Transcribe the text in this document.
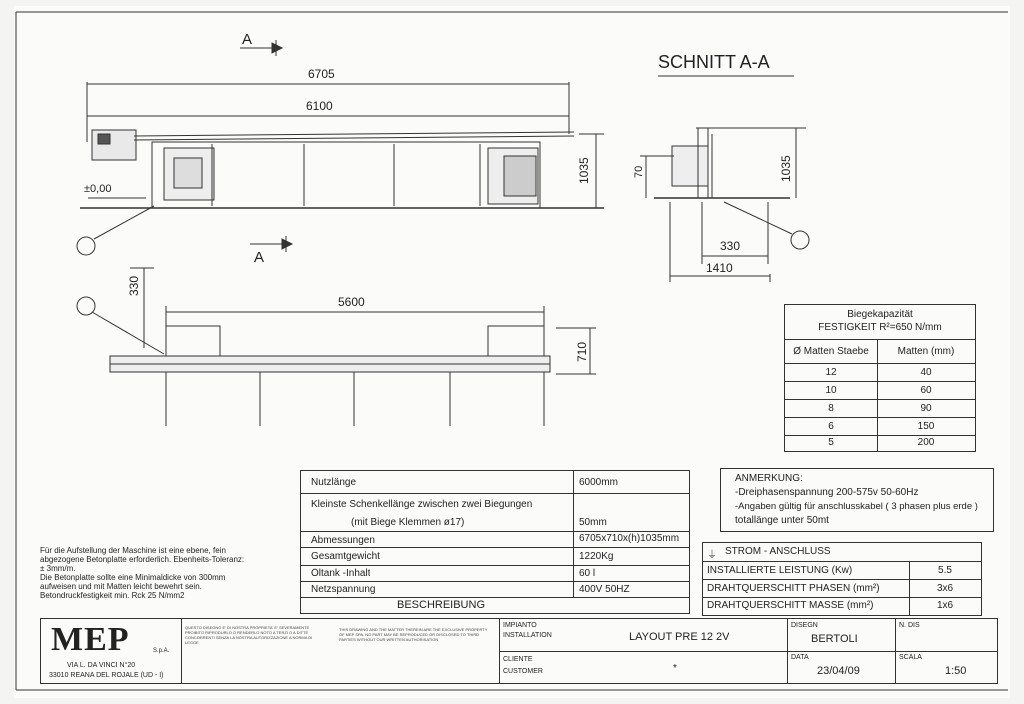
SCHNITT A-A
A
A
6705
6100
±0,00
1035	1035
70
330
1410
330
5600
710
Biegekapazität
FESTIGKEIT R²=650 N/mm
Ø Matten Staebe	Matten (mm)
12	40
10	60
8	90
6	150
5	200
Nutzlänge	6000mm
Kleinste Schenkellänge zwischen zwei Biegungen
(mit Biege Klemmen ø17)	50mm
Abmessungen	6705x710x(h)1035mm
Gesamtgewicht	1220Kg
Öltank -Inhalt	60 l
Netzspannung	400V 50HZ
BESCHREIBUNG
ANMERKUNG:
-Dreiphasenspannung 200-575v 50-60Hz
-Angaben gültig für anschlusskabel ( 3 phasen plus erde )
totallänge unter 50mt
⏚ STROM - ANSCHLUSS
INSTALLIERTE LEISTUNG (Kw)	5.5
DRAHTQUERSCHITT PHASEN (mm²)	3x6
DRAHTQUERSCHITT MASSE (mm²)	1x6
Für die Aufstellung der Maschine ist eine ebene, fein
abgezogene Betonplatte erforderlich. Ebenheits-Toleranz:
± 3mm/m.
Die Betonplatte sollte eine Minimaldicke von 300mm
aufweisen und mit Matten leicht bewehrt sein.
Betondruckfestigkeit min. Rck 25 N/mm2
MEP	S.p.A.
VIA L. DA VINCI N°20
33010 REANA DEL ROJALE (UD - I)
QUESTO DISEGNO E' DI NOSTRA PROPRIETA' E' SEVERAMENTE PROIBITO RIPRODURLO O RENDERLO NOTO A TERZI O A DITTE CONCORRENTI SENZA LA NOSTRA AUTORIZZAZIONE A NORMA DI LEGGE
THIS DRAWING AND THE MATTER THEREIN ARE THE EXCLUSIVE PROPERTY OF MEP SPA. NO PART MAY BE REPRODUCED OR DISCLOSED TO THIRD PARTIES WITHOUT OUR WRITTEN AUTHORISATION
IMPIANTO
INSTALLATION	LAYOUT PRE 12 2V
CLIENTE
CUSTOMER	*
DISEGN
BERTOLI
N. DIS
DATA
23/04/09
SCALA
1:50
